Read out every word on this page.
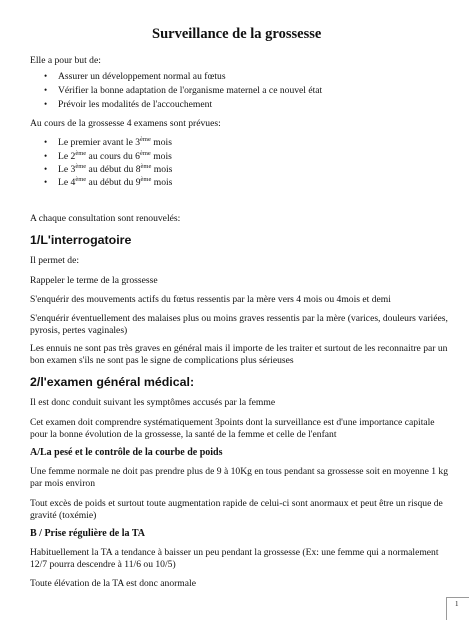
Surveillance de la grossesse
Elle a pour but de:
• Assurer un développement normal au fœtus
• Vérifier la bonne adaptation de l'organisme maternel a ce nouvel état
• Prévoir les modalités de l'accouchement
Au cours de la grossesse 4 examens sont prévues:
• Le premier avant le 3ème mois
• Le 2ème au cours du 6ème mois
• Le 3ème au début du 8ème mois
• Le 4ème au début du 9ème mois
A chaque consultation sont renouvelés:
1/L'interrogatoire
Il permet de:
Rappeler le terme de la grossesse
S'enquérir des mouvements actifs du fœtus ressentis par la mère vers 4 mois ou 4mois et demi
S'enquérir éventuellement des malaises plus ou moins graves ressentis par la mère (varices, douleurs variées,
pyrosis, pertes vaginales)
Les ennuis ne sont pas très graves en général mais il importe de les traiter et surtout de les reconnaitre par un
bon examen s'ils ne sont pas le signe de complications plus sérieuses
2/l'examen général médical:
Il est donc conduit suivant les symptômes accusés par la femme
Cet examen doit comprendre systématiquement 3points dont la surveillance est d'une importance capitale
pour la bonne évolution de la grossesse, la santé de la femme et celle de l'enfant
A/La pesé et le contrôle de la courbe de poids
Une femme normale ne doit pas prendre plus de 9 à 10Kg en tous pendant sa grossesse soit en moyenne 1 kg
par mois environ
Tout excès de poids et surtout toute augmentation rapide de celui-ci sont anormaux et peut être un risque de
gravité (toxémie)
B / Prise régulière de la TA
Habituellement la TA a tendance à baisser un peu pendant la grossesse (Ex: une femme qui a normalement
12/7 pourra descendre à 11/6 ou 10/5)
Toute élévation de la TA est donc anormale
1
